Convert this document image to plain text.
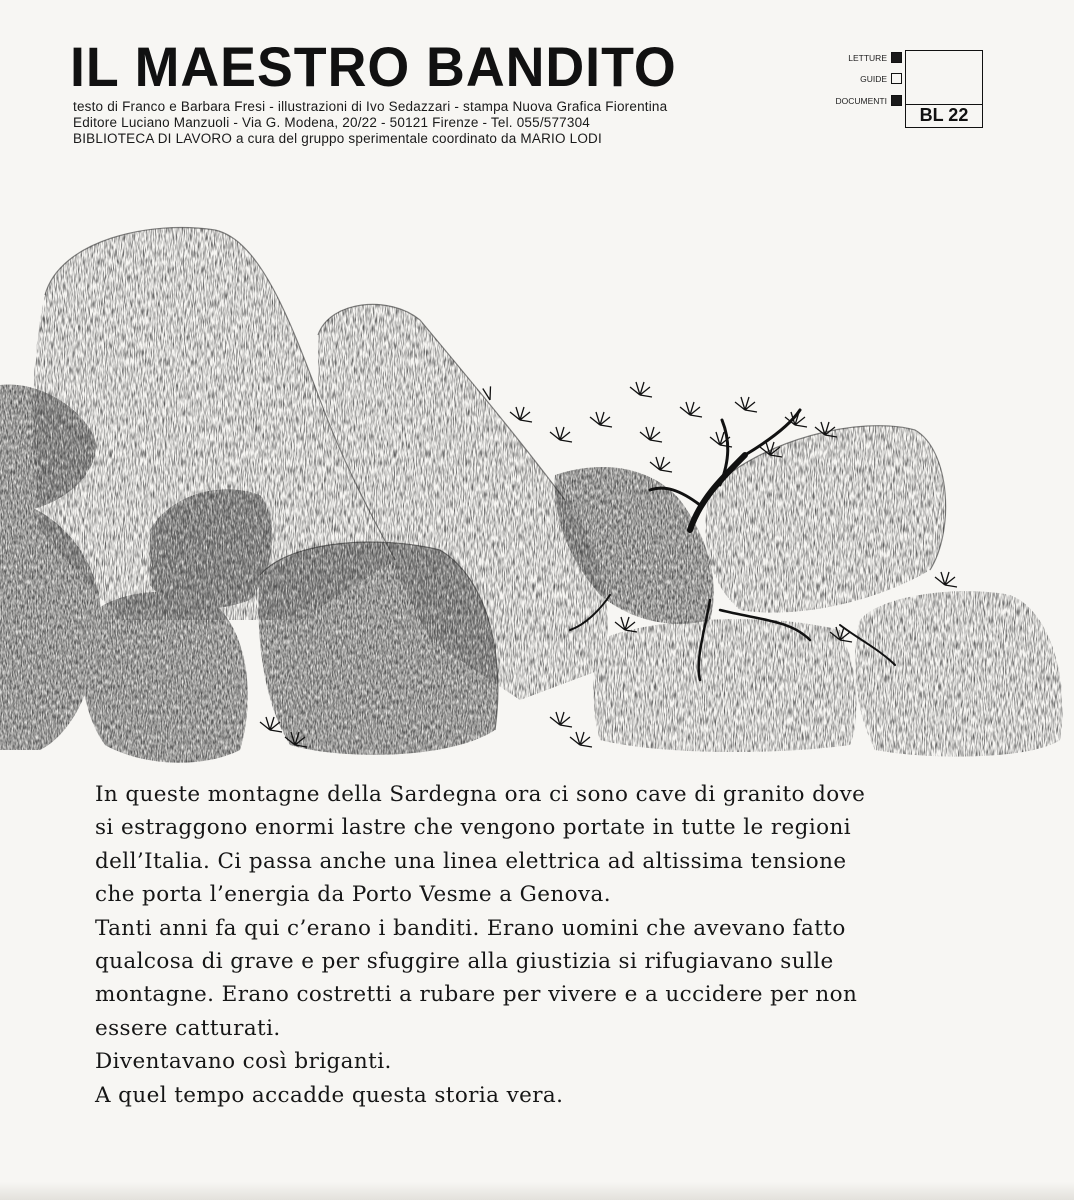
IL MAESTRO BANDITO
testo di Franco e Barbara Fresi - illustrazioni di Ivo Sedazzari - stampa Nuova Grafica Fiorentina
Editore Luciano Manzuoli - Via G. Modena, 20/22 - 50121 Firenze - Tel. 055/577304
BIBLIOTECA DI LAVORO a cura del gruppo sperimentale coordinato da MARIO LODI
LETTURE
GUIDE
DOCUMENTI
BL 22
In queste montagne della Sardegna ora ci sono cave di granito dove
si estraggono enormi lastre che vengono portate in tutte le regioni
dell’Italia. Ci passa anche una linea elettrica ad altissima tensione
che porta l’energia da Porto Vesme a Genova.
Tanti anni fa qui c’erano i banditi. Erano uomini che avevano fatto
qualcosa di grave e per sfuggire alla giustizia si rifugiavano sulle
montagne. Erano costretti a rubare per vivere e a uccidere per non
essere catturati.
Diventavano così briganti.
A quel tempo accadde questa storia vera.
